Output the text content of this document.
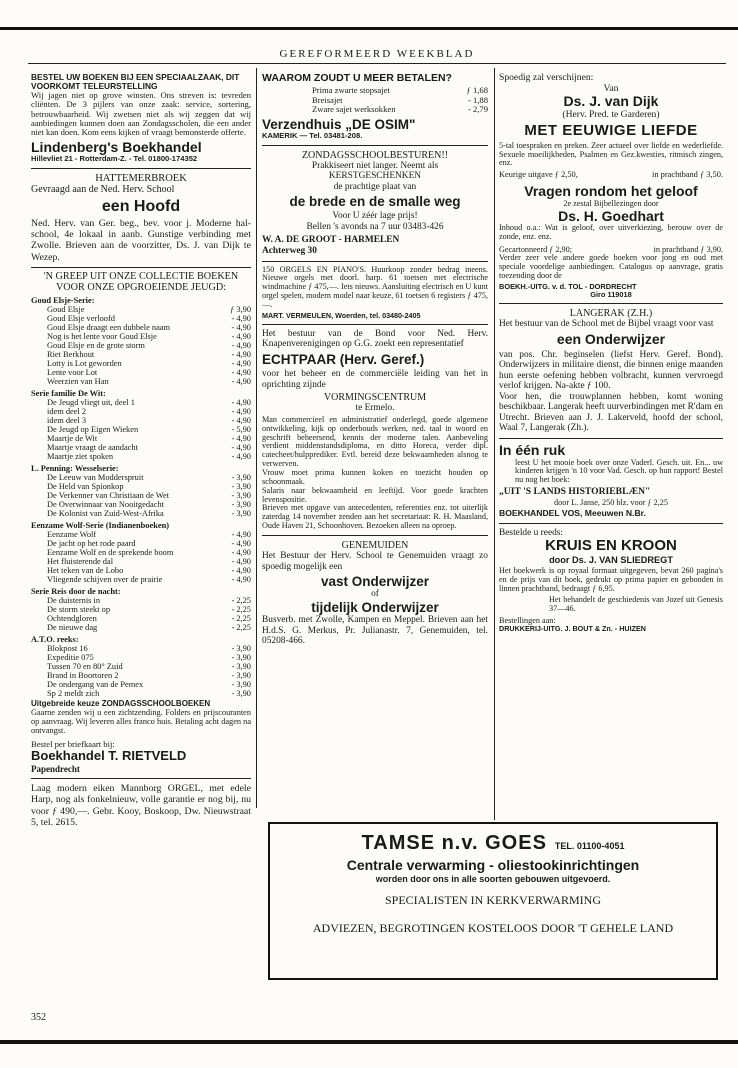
GEREFORMEERD WEEKBLAD
BESTEL UW BOEKEN BIJ EEN SPECIAALZAAK, DIT VOORKOMT TELEURSTELLING
Wij jagen niet op grove winsten. Ons streven is: tevreden cliënten. De 3 pijlers van onze zaak: service, sortering, betrouwbaarheid. Wij zwetsen niet als wij zeggen dat wij aanbiedingen kunnen doen aan Zondagsscholen, die een ander niet kan doen. Kom eens kijken of vraagt bemonsterde offerte.
Lindenberg's Boekhandel
Hillevliet 21 - Rotterdam-Z. - Tel. 01800-174352
HATTEMERBROEK
Gevraagd aan de Ned. Herv. School
een Hoofd
Ned. Herv. van Ger. beg., bev. voor j. Moderne hal-school, 4e lokaal in aanb. Gunstige verbinding met Zwolle. Brieven aan de voorzitter, Ds. J. van Dijk te Wezep.
'N GREEP UIT ONZE COLLECTIE BOEKEN VOOR ONZE OPGROEIENDE JEUGD:
Goud Elsje-Serie:
Goud Elsje	ƒ 3,90
Goud Elsje verloofd	- 4,90
Goud Elsje draagt een dubbele naam	- 4,90
Nog is het lente voor Goud Elsje	- 4,90
Goud Elsje en de grote storm	- 4,90
Riet Berkhout	- 4,90
Lotty is Lot geworden	- 4,90
Lente voor Lot	- 4,90
Weerzien van Han	- 4,90
Serie familie De Wit:
De Jeugd vliegt uit, deel 1	- 4,90
idem deel 2	- 4,90
idem deel 3	- 4,90
De Jeugd op Eigen Wieken	- 5,90
Maartje de Wit	- 4,90
Maartje vraagt de aandacht	- 4,90
Maartje ziet spoken	- 4,90
L. Penning: Wesselserie:
De Leeuw van Modderspruit	- 3,90
De Held van Spionkop	- 3,90
De Verkenner van Christiaan de Wet	- 3,90
De Overwinnaar van Nooitgedacht	- 3,90
De Kolonist van Zuid-West-Afrika	- 3,90
Eenzame Wolf-Serie (Indianenboeken)
Eenzame Wolf	- 4,90
De jacht op het rode paard	- 4,90
Eenzame Wolf en de sprekende boom	- 4,90
Het fluisterende dal	- 4,90
Het teken van de Lobo	- 4,90
Vliegende schijven over de prairie	- 4,90
Serie Reis door de nacht:
De duisternis in	- 2,25
De storm steekt op	- 2,25
Ochtendgloren	- 2,25
De nieuwe dag	- 2,25
A.T.O. reeks:
Blokpost 16	- 3,90
Expeditie 075	- 3,90
Tussen 70 en 80° Zuid	- 3,90
Brand in Boortoren 2	- 3,90
De ondergang van de Pemex	- 3,90
Sp 2 meldt zich	- 3,90
Uitgebreide keuze ZONDAGSSCHOOLBOEKEN
Gaarne zenden wij u een zichtzending. Folders en prijscouranten op aanvraag. Wij leveren alles franco huis. Betaling acht dagen na ontvangst.
Bestel per briefkaart bij:
Boekhandel T. RIETVELD
Papendrecht
Laag modern eiken Mannborg ORGEL, met edele Harp, nog als fonkelnieuw, volle garantie er nog bij, nu voor ƒ 490,—. Gebr. Kooy, Boskoop, Dw. Nieuwstraat 5, tel. 2615.
352
WAAROM ZOUDT U MEER BETALEN?
Prima zwarte stopsajet	ƒ 1,68
Breisajet	- 1,88
Zware sajet werksokken	- 2,79
Verzendhuis „DE OSIM"
KAMERIK — Tel. 03481-208.
ZONDAGSSCHOOLBESTUREN!!
Prakkiseert niet langer. Neemt als
KERSTGESCHENKEN
de prachtige plaat van
de brede en de smalle weg
Voor U zéér lage prijs!
Bellen 's avonds na 7 uur 03483-426
W. A. DE GROOT - HARMELEN
Achterweg 30
150 ORGELS EN PIANO'S. Huurkoop zonder bedrag ineens. Nieuwe orgels met doorl. harp. 61 toetsen met electrische windmachine ƒ 475,—. Iets nieuws. Aansluiting electrisch en U kunt orgel spelen, modern model naar keuze, 61 toetsen 6 registers ƒ 475,—.
MART. VERMEULEN, Woerden, tel. 03480-2405
Het bestuur van de Bond voor Ned. Herv. Knapenverenigingen op G.G. zoekt een representatief
ECHTPAAR (Herv. Geref.)
voor het beheer en de commerciële leiding van het in oprichting zijnde
VORMINGSCENTRUM
te Ermelo.
Man commercieel en administratief onderlegd, goede algemene ontwikkeling, kijk op onderbouds werken, ned. taal in woord en geschrift beheersend, kennis der moderne talen. Aanbeveling verdient middenstandsdiploma, en ditto Horeca, verder dipl. catecheet/hulpprediker. Evtl. bereid deze bekwaamheden alsnog te verwerven.
Vrouw moet prima kunnen koken en toezicht houden op schoonmaak.
Salaris naar bekwaamheid en leeftijd. Voor goede krachten levenspositie.
Brieven met opgave van antecedenten, referenties enz. tot uiterlijk zaterdag 14 november zenden aan het secretariaat: R. H. Maasland, Oude Haven 21, Schoonhoven. Bezoeken alleen na oproep.
GENEMUIDEN
Het Bestuur der Herv. School te Genemuiden vraagt zo spoedig mogelijk een
vast Onderwijzer
of
tijdelijk Onderwijzer
Busverb. met Zwolle, Kampen en Meppel. Brieven aan het H.d.S. G. Merkus, Pr. Julianastr. 7, Genemuiden, tel. 05208-466.
Spoedig zal verschijnen:
Van
Ds. J. van Dijk
(Herv. Pred. te Garderen)
MET EEUWIGE LIEFDE
5-tal toespraken en preken. Zeer actueel over liefde en wederliefde. Sexuele moeilijkheden, Psalmen en Gez.kwesties, ritmisch zingen, enz.
Keurige uitgave ƒ 2,50,	in prachtband ƒ 3,50.
Vragen rondom het geloof
2e zestal Bijbellezingen door
Ds. H. Goedhart
Inhoud o.a.: Wat is geloof, over uitverkiezing, berouw over de zonde, enz. enz.
Gecartonneerd ƒ 2,90;	in prachtband ƒ 3,90.
Verder zeer vele andere goede boeken voor jong en oud met speciale voordelige aanbiedingen. Catalogus op aanvrage, gratis toezending door de
BOEKH.-UITG. v. d. TOL - DORDRECHT
Giro 119018
LANGERAK (Z.H.)
Het bestuur van de School met de Bijbel vraagt voor vast
een Onderwijzer
van pos. Chr. beginselen (liefst Herv. Geref. Bond). Onderwijzers in militaire dienst, die binnen enige maanden hun eerste oefening hebben volbracht, kunnen vervroegd verlof krijgen. Na-akte ƒ 100.
Voor hen, die trouwplannen hebben, komt woning beschikbaar. Langerak heeft uurverbindingen met R'dam en Utrecht. Brieven aan J. J. Lakerveld, hoofd der school, Waal 7, Langerak (Zh.).
In één ruk
leest U het mooie boek over onze Vaderl. Gesch. uit. En... uw kinderen krijgen 'n 10 voor Vad. Gesch. op hun rapport! Bestel nu nog het boek:
„UIT 'S LANDS HISTORIEBLÆN"
door L. Janse, 250 blz. voor ƒ 2,25
BOEKHANDEL VOS, Meeuwen N.Br.
Bestelde u reeds:
KRUIS EN KROON
door Ds. J. VAN SLIEDREGT
Het boekwerk is op royaal formaat uitgegeven, bevat 260 pagina's en de prijs van dit boek, gedrukt op prima papier en gebonden in linnen prachtband, bedraagt ƒ 6,95.
Het behandelt de geschiedenis van Jozef uit Genesis 37—46.
Bestellingen aan:
DRUKKERIJ-UITG. J. BOUT & Zn. - HUIZEN
TAMSE n.v. GOES TEL. 01100-4051
Centrale verwarming - oliestookinrichtingen
worden door ons in alle soorten gebouwen uitgevoerd.
SPECIALISTEN IN KERKVERWARMING
ADVIEZEN, BEGROTINGEN KOSTELOOS DOOR 'T GEHELE LAND
